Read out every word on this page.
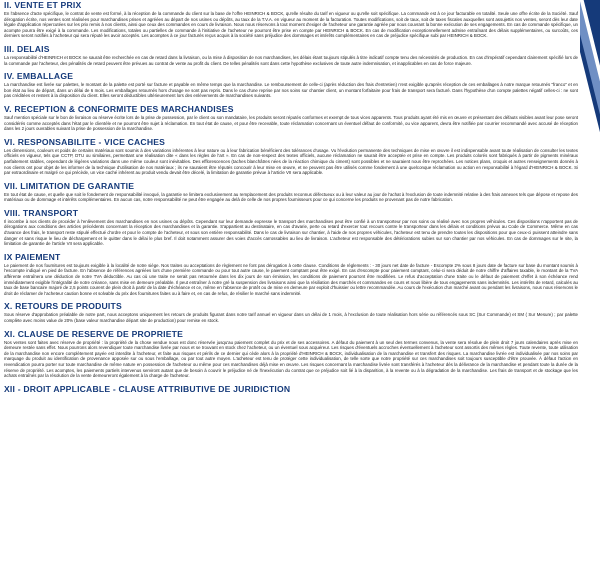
II. VENTE ET PRIX
En l'absence d'acte spécifique, le contrat de vente est formé, à la réception de la commande du client sur la base de l'offre HEINRICH & BOCK, qu'elle résulte du tarif en vigueur ou qu'elle soit spécifique. La commande est à ce jour facturable en totalité. Seule une offre écrite de la Société. Sauf dérogation écrite, nos ventes sont réalisées pour marchandises prises et agréées au départ de nos usines ou dépôts, au taux de la T.V.A. en vigueur au moment de la facturation. Toutes modifications, soit de taux, soit de taxes fiscales auxquelles sont assujettis nos ventes, seront dès leur date légale d'application répercutées sur les prix remis à nos clients, ainsi que ceux des commandes en cours de livraison. Nous nous réservons à tout moment d'exiger de l'acheteur une garantie agréée par nous couvrant la bonne exécution de ses engagements. En cas de commande spécifique, un acompte pourra être exigé à la commande. Les modifications, totales ou partielles de commande à l'initiative de l'acheteur ne pourront être prise en compte par HEINRICH & BOCK. En cas de modification exceptionnellement admise entraînant des délais supplémentaires, ou surcoûts, ces derniers seront notifiés à l'acheteur qui sera réputé les avoir acceptés. Les acomptes à ce jour facturés reçus acquis à la société sans préjudice des dommages et intérêts complémentaires en cas de préjudice spécifique subi par HEINRICH & BOCK.
III. DELAIS
La responsabilité d'HEINRICH et BOCK ne saurait être recherchée en cas de retard dans la livraison, ou la mise à disposition de nos marchandises, les délais étant toujours stipulés à titre indicatif compte tenu des nécessités de production. En cas d'impératif cependant clairement spécifié lors de la commande par l'acheteur, des pénalités de retard peuvent être prévues au contrat de vente au profit du client. De telles pénalités sont dans cette hypothèse exclusives de toute autre indemnisation, et inapplicables en cas de force majeure.
IV. EMBALLAGE
La marchandise est livrée sur palettes, le montant de la palette est porté sur facture et payable en même temps que la marchandise. Le remboursement de celle-ci (après réduction des frais d'entretien) n'est exigible qu'après réception de ces emballages à notre marque retournés "franco" et en bon état au lieu de départ, dans un délai de 6 mois. Les emballages retournés hors d'usage ne sont pas repris. Dans le cas d'une reprise par nos soins sur chantier client, un montant forfaitaire pour frais de transport sera facturé. Dans l'hypothèse d'un compte palettes négatif celles-ci : ne sont pas créditées et restent à la disposition du client. Elles seront déductibles ultérieurement lors des enlèvements de marchandises suivants.
V. RECEPTION & CONFORMITE DES MARCHANDISES
Sauf mention spéciale sur le bon de livraison ou réserve écrite lors de la prise de possession, par le client ou son mandataire, les produits seront réputés conformes et exempt de tous vices apparents. Tous produits ayant été mis en œuvre et présentant des défauts visibles avant leur pose seront considérés comme acceptés dans l'état par le clientèle et ne pourront être sujet à réclamation. En tout état de cause, et pour être recevable, toute réclamation concernant un éventuel défaut de conformité, ou vice apparent, devra être notifiée par courrier recommandé avec accusé de réception dans les 2 jours ouvrables suivant la prise de possession de la marchandise.
VI. RESPONSABILITE - VICE CACHES
Les dimensions, couleurs et poids de certains matériaux sont soumis à des variations inhérentes à leur nature ou à leur fabrication bénéficient des tolérances d'usage. Vu l'évolution permanente des techniques de mise en œuvre il est indispensable avant toute réalisation de consulter les textes officiels en vigueur, tels que CCTP, DTU ou similaires, permettant une réalisation dite « dans les règles de l'art ». En cas de non-respect des textes officiels, aucune réclamation ne saurait être acceptée et prise en compte. Les produits colorés sont fabriqués à partir de pigments minéraux parfaitement stables, cependant de légères variations dans une même couleur sont inévitables. Des efflorescences (taches blanchâtres nées de la réaction chimique du ciment) sont possibles et ne sauraient nous être reprochées. Les notices plans, croquis et autres renseignements donnés à nos clients ont pour objet de les informer de la technique d'utilisation de nos matériaux ; ils ne sauraient être réputés concourir à leur mise en œuvre, et ne peuvent pas être utilisés comme fondement à une quelconque réclamation ou action en responsabilité à l'égard d'HEINRICH & BOCK. Si par extraordinaire et malgré ce qui précède, un vice caché inhérent au produit vendu devait être décelé, la limitation de garantie prévue à l'article VII sera applicable.
VII. LIMITATION DE GARANTIE
En tout état de cause, et quelle que soit le fondement de responsabilité invoqué, la garantie se limitera exclusivement au remplacement des produits reconnus défectueux ou à leur valeur au jour de l'achat à l'exclusion de toute indemnité relative à des frais annexes tels que dépose et repose des matériaux ou de dommage et intérêts complémentaires. En aucun cas, notre responsabilité ne peut être engagée au delà de celle de nos propres fournisseurs pour ce qui concerne les produits ne provenant pas de notre fabrication.
VIII. TRANSPORT
Il incombe à nos clients de procéder à l'enlèvement des marchandises en nos usines ou dépôts. Cependant sur leur demande expresse le transport des marchandises peut être confié à un transporteur par nos soins ou réalisé avec nos propres véhicules. Ces dispositions n'apportent pas de dérogations aux conditions des articles précédents concernant la réception des marchandises et la garantie. S'appartient au destinataire, en cas d'avarie, perte ou retard d'exercer tout recours contre le transporteur dans les délais et conditions prévus au Code de Commerce. Même en cas d'avance des frais, le transport reste stipulé effectué d'ordre et pour le compte de l'acheteur, et sous son entière responsabilité. Dans le cas de livraison sur chantier, à l'aide de nos propres véhicules, l'acheteur est tenu de prendre toutes les dispositions pour que ceux-ci puissent atteindre sans danger et sans risque le lieu de déchargement et le quitter dans le délai le plus bref. Il doit notamment assurer des voies d'accès carrossables au lieu de livraison. L'acheteur est responsable des détériorations subies sur son chantier par nos véhicules. En cas de dommages sur le site, la limitation de garantie de l'article VII sera applicable.
IX PAIEMENT
Le paiement de nos fournitures est toujours exigible à la localité de notre siège. Nos traites ou acceptations de règlement ne font pas dérogation à cette clause. Conditions de règlements : - 30 jours net date de facture - Escompte 2% sous 8 jours date de facture sur base du montant soumis à l'escompte indiqué en pied de facture. En l'absence de références agréées lors d'une première commande ou pour tout autre cause, le paiement comptant peut être exigé. En cas d'escompte pour paiement comptant, celui-ci sera déduit de notre chiffre d'affaires taxable, le montant de la TVA afférente entraînera une déduction de notre TVA déductible. Au cas où une traite ne serait pas retournée dans les dix jours de son émission, les conditions de paiement pourront être modifiées. Le refus d'acceptation d'une traite ou le défaut de paiement d'effet à son échéance rend immédiatement exigible l'intégralité de notre créance, sans mise en demeure préalable. Il peut entraîner à notre gré la suspension des livraisons ainsi que la résiliation des marchés et commandes en cours et nous libère de tous engagements sans indemnités. Les intérêts de retard, calculés au taux de base bancaire majoré de 2,5 points courent de plein droit à partir de la date d'échéance et ce, même en l'absence de protêt ou de mise en demeure par exploit d'huissier ou lettre recommandée. Au cours de l'exécution d'un marché avant ou pendant les livraisons, nous nous réservons le droit de réclamer de l'acheteur caution bonne et solvable du prix des fournitures faites ou à faire et, en cas de refus, de résilier le marché sans indemnité.
X. RETOURS DE PRODUITS
Sous réserve d'approbation préalable de notre part, nous acceptons uniquement les retours de produits figurant dans notre tarif annuel en vigueur dans un délai de 1 mois, à l'exclusion de toute réalisation hors série ou référencés sous SC (Sur Commande) et SM ( Sur Mesure) ; par palette complète avec moins value de 20% (base valeur marchandise départ site de production) pour remise en stock.
XI. CLAUSE DE RESERVE DE PROPRIETE
Nos ventes sont faites avec réserve de propriété : la propriété de la chose vendue nous est donc réservée jusqu'au paiement complet du prix et de ses accessoires. A défaut du paiement à un seul des termes convenus, la vente sera résolue de plein droit 7 jours calendaires après mise en demeure restée sans effet. Nous pourrons alors revendiquer toute marchandise livrée par nous et se trouvant en stock chez l'acheteur, ou un éventuel sous acquéreur. Les risques d'éventuels accroches éventuellement à l'acheteur sont assortis des mêmes règles. Toute revente, toute utilisation de la marchandise non encore complètement payée est interdite à l'acheteur, et faite aux risques et périls de ce dernier qui cède alors à la propriété d'HEINRICH & BOCK, individualisation de la marchandise et transfert des risques. La marchandise livrée est individualisée par nos soins par marquage du produit au identification de provenance apposée sur ou sous l'emballage, ou par tout autre moyen. L'acheteur est tenu de protéger cette individualisation, de telle sorte que notre propriété sur ces marchandises soit toujours susceptible d'être prouvée. À défaut l'action en revendication pourra porter sur toute marchandise de même nature en possession de l'acheteur ou même pour ces marchandises déjà mise en œuvre. Les risques concernant la marchandise livrée sont transférés à l'acheteur dès la délivrance de la marchandise et pendant toute la durée de la réserve de propriété. Les acomptes, les paiements partiels intervenus serviront autant que de besoin à couvrir le préjudice né de l'inexécution du contrat que ce préjudice soit lié à la disparition, à la revente ou à la dégradation de la marchandise. Les frais de transport et de stockage que les achats entraînés par la résolution de la vente demeureront également à la charge de l'acheteur.
XII - DROIT APPLICABLE - CLAUSE ATTRIBUTIVE DE JURIDICTION
